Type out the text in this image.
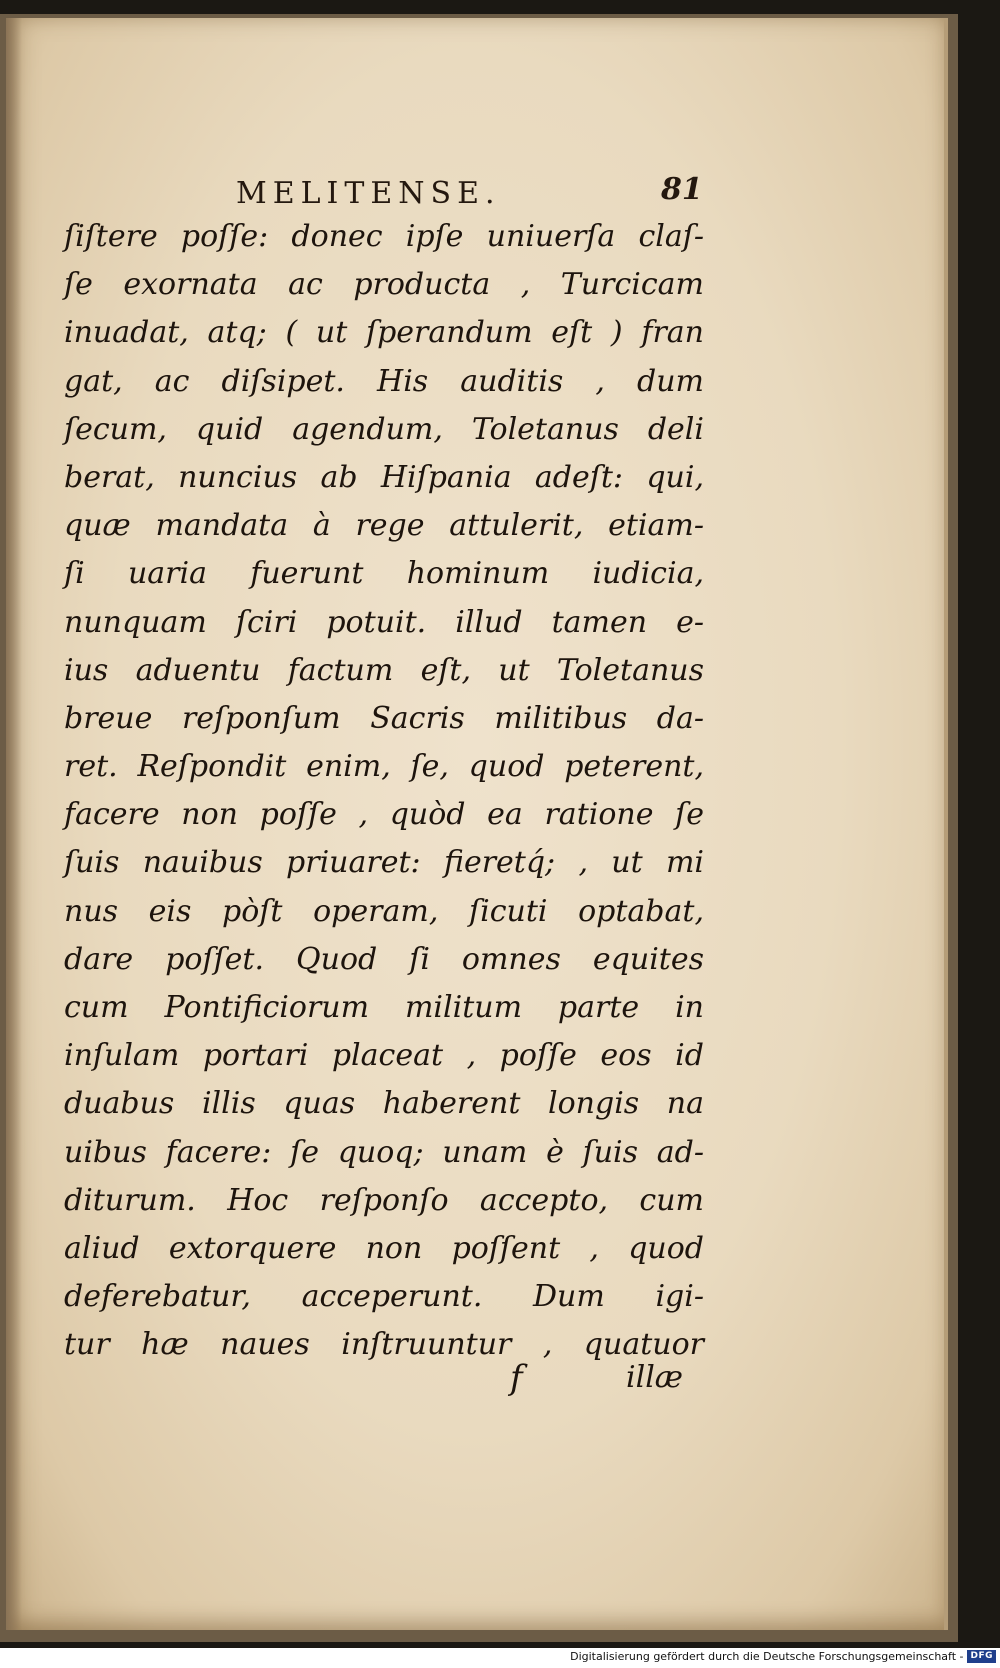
MELITENSE.	81
ſiſtere poſſe: donec ipſe uniuerſa claſ-
ſe exornata ac producta , Turcicam
inuadat, atq; ( ut ſperandum eſt ) fran
gat, ac diſsipet. His auditis , dum
ſecum, quid agendum, Toletanus deli
berat, nuncius ab Hiſpania adeſt: qui,
quæ mandata à rege attulerit, etiam-
ſi uaria fuerunt hominum iudicia,
nunquam ſciri potuit. illud tamen e-
ius aduentu factum eſt, ut Toletanus
breue reſponſum Sacris militibus da-
ret. Reſpondit enim, ſe, quod peterent,
facere non poſſe , quòd ea ratione ſe
ſuis nauibus priuaret: fieretq́; , ut mi
nus eis pòſt operam, ſicuti optabat,
dare poſſet. Quod ſi omnes equites
cum Pontificiorum militum parte in
inſulam portari placeat , poſſe eos id
duabus illis quas haberent longis na
uibus facere: ſe quoq; unam è ſuis ad-
diturum. Hoc reſponſo accepto, cum
aliud extorquere non poſſent , quod
deferebatur, acceperunt. Dum igi-
tur hæ naues inſtruuntur , quatuor
f	illæ
Digitalisierung gefördert durch die Deutsche Forschungsgemeinschaft - DFG
